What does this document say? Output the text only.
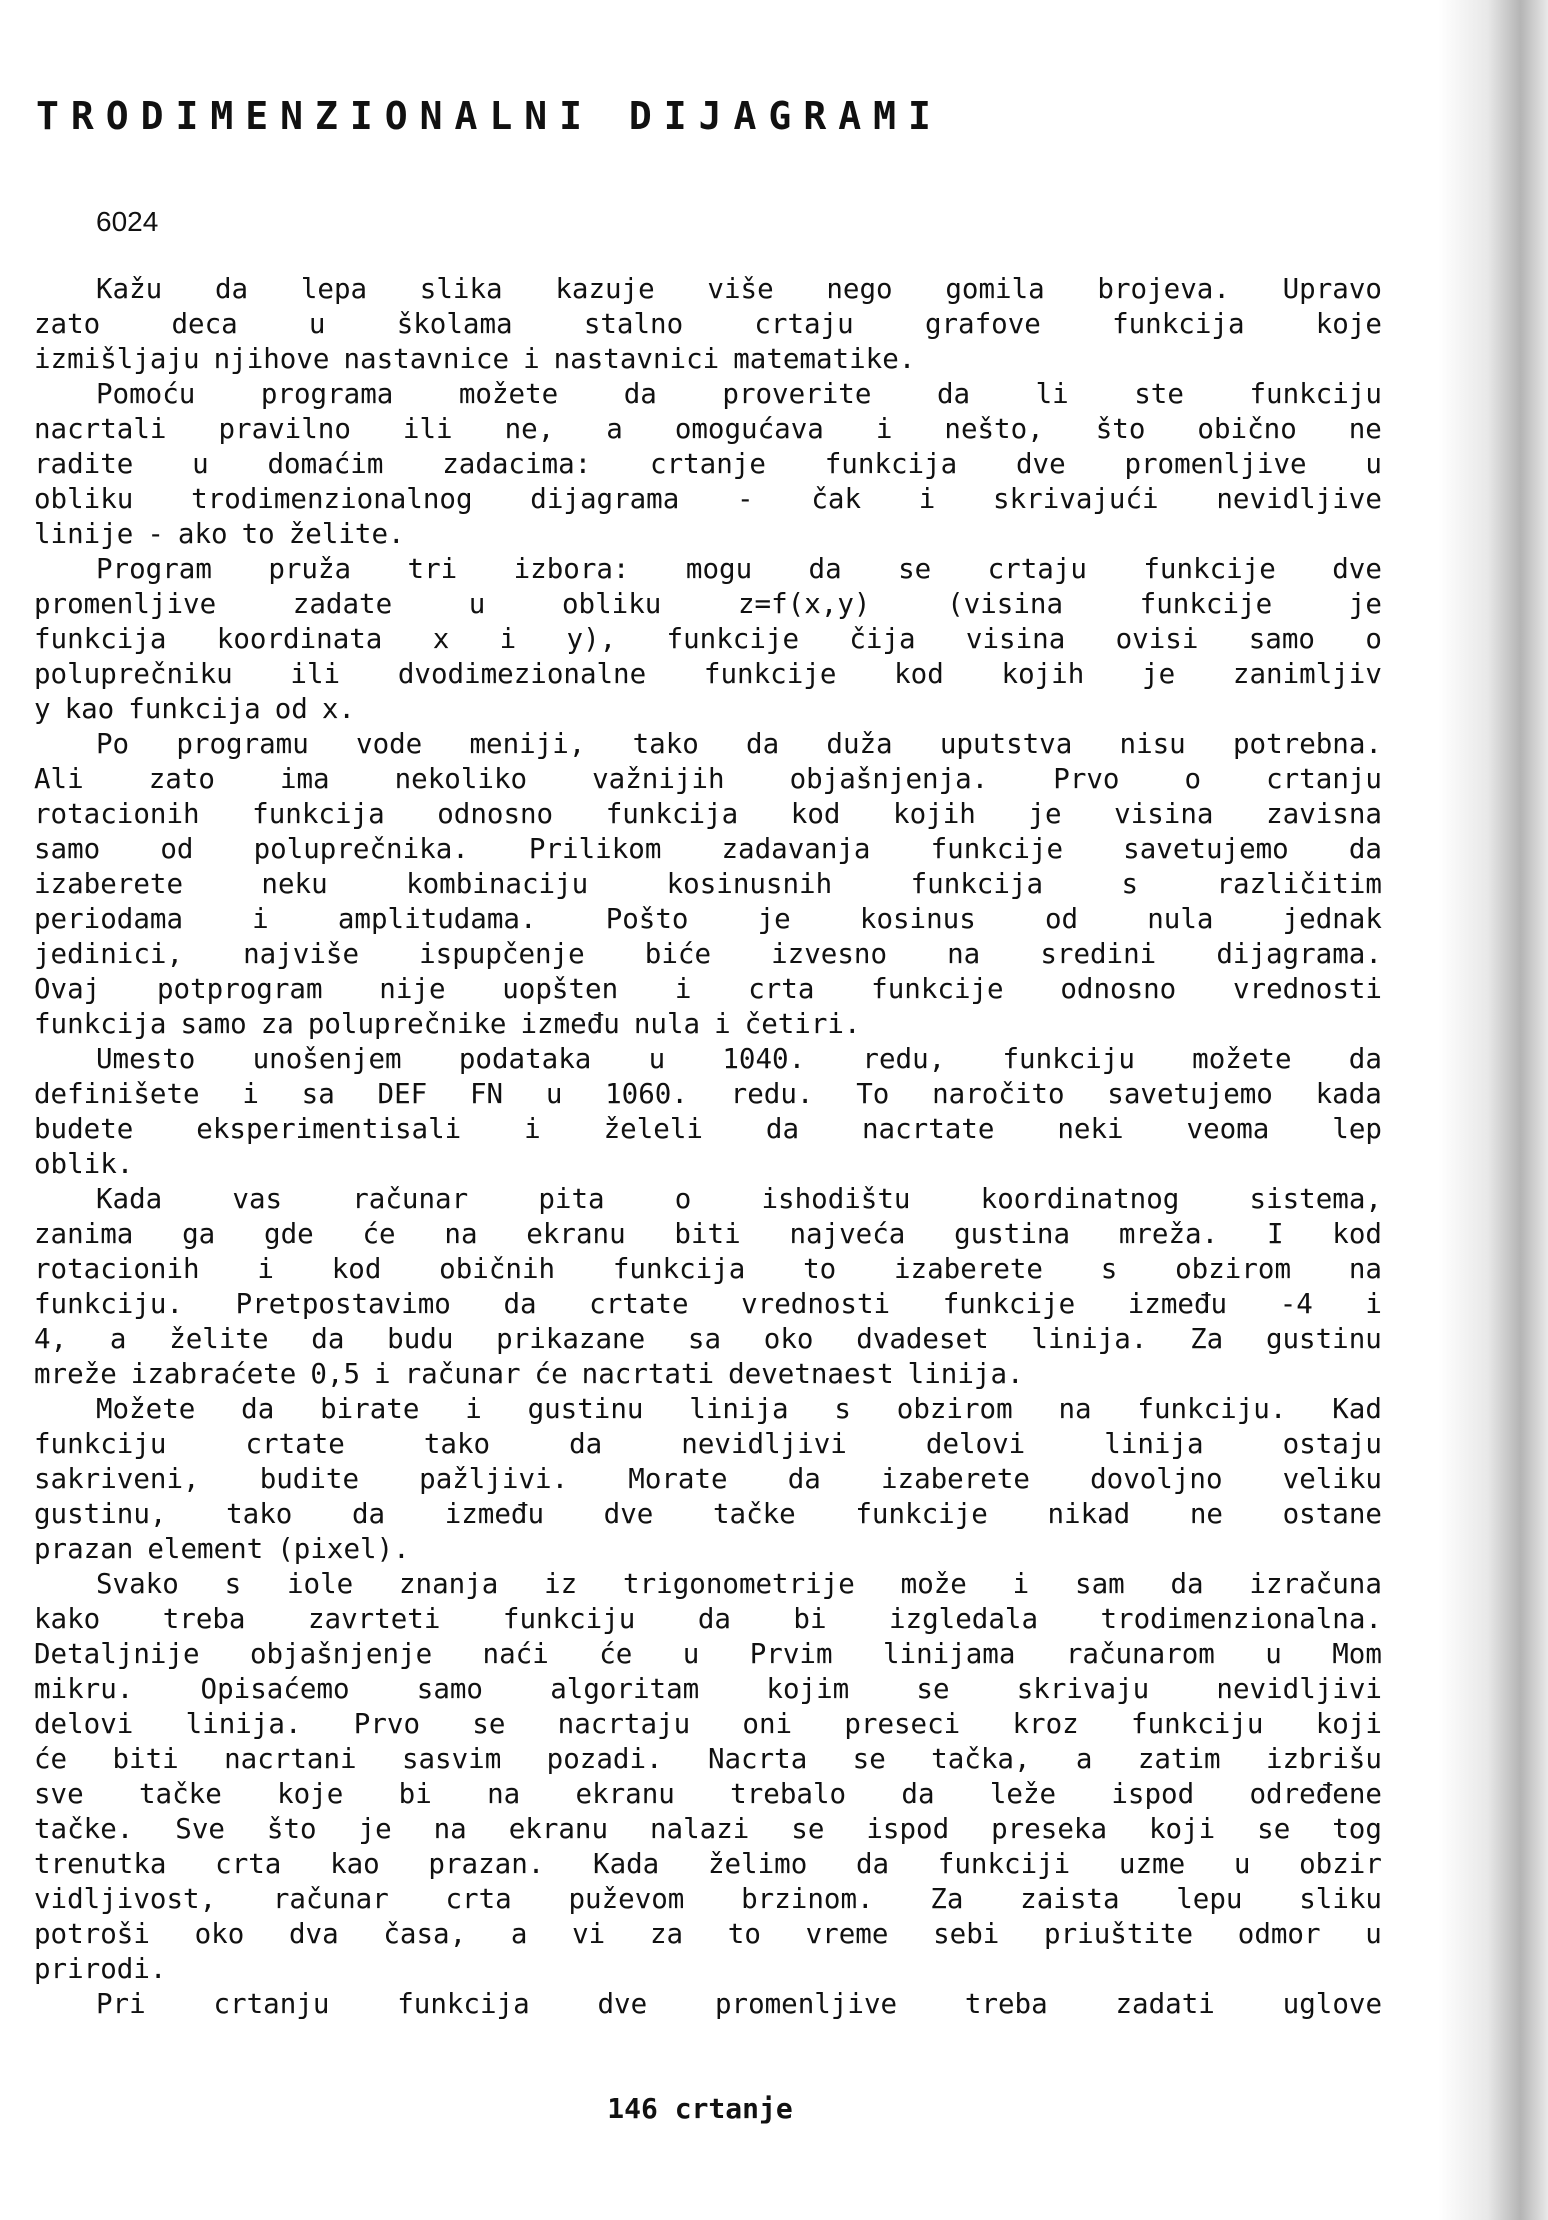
TRODIMENZIONALNI DIJAGRAMI
6024
Kažu da lepa slika kazuje više nego gomila brojeva. Upravo
zato	deca	u	školama	stalno	crtaju	grafove	funkcija	koje
izmišljaju njihove nastavnice i nastavnici matematike.
Pomoću programa možete da proverite da li ste funkciju
nacrtali pravilno ili ne, a omogućava i nešto, što obično ne
radite u domaćim zadacima: crtanje funkcija dve promenljive u
obliku trodimenzionalnog dijagrama - čak i skrivajući nevidljive
linije - ako to želite.
Program pruža tri izbora: mogu da se crtaju funkcije dve
promenljive	zadate	u	obliku	z=f(x,y)	(visina	funkcije	je
funkcija koordinata x i y), funkcije čija visina ovisi samo o
poluprečniku ili dvodimezionalne funkcije kod kojih je zanimljiv
y kao funkcija od x.
Po programu vode meniji, tako da duža uputstva nisu potrebna.
Ali zato ima nekoliko važnijih objašnjenja. Prvo o crtanju
rotacionih funkcija odnosno funkcija kod kojih je visina zavisna
samo od poluprečnika. Prilikom zadavanja funkcije savetujemo da
izaberete	neku	kombinaciju	kosinusnih	funkcija	s	različitim
periodama	i	amplitudama.	Pošto	je	kosinus	od	nula	jednak
jedinici, najviše ispupčenje biće izvesno na sredini dijagrama.
Ovaj potprogram nije uopšten i crta funkcije odnosno vrednosti
funkcija samo za poluprečnike između nula i četiri.
Umesto unošenjem podataka u 1040. redu, funkciju možete da
definišete i sa DEF FN u 1060. redu. To naročito savetujemo kada
budete eksperimentisali i želeli da nacrtate neki veoma lep
oblik.
Kada	vas	računar	pita	o	ishodištu	koordinatnog	sistema,
zanima ga gde će na ekranu biti najveća gustina mreža. I kod
rotacionih i kod običnih funkcija to izaberete s obzirom na
funkciju. Pretpostavimo da crtate vrednosti funkcije između -4 i
4, a želite da budu prikazane sa oko dvadeset linija. Za gustinu
mreže izabraćete 0,5 i računar će nacrtati devetnaest linija.
Možete da birate i gustinu linija s obzirom na funkciju. Kad
funkciju	crtate	tako	da	nevidljivi	delovi	linija	ostaju
sakriveni, budite pažljivi. Morate da izaberete dovoljno veliku
gustinu, tako da između dve tačke funkcije nikad ne ostane
prazan element (pixel).
Svako s iole znanja iz trigonometrije može i sam da izračuna
kako treba zavrteti funkciju da bi izgledala trodimenzionalna.
Detaljnije objašnjenje naći će u Prvim linijama računarom u Mom
mikru. Opisaćemo samo algoritam kojim se skrivaju nevidljivi
delovi linija. Prvo se nacrtaju oni preseci kroz funkciju koji
će biti nacrtani sasvim pozadi. Nacrta se tačka, a zatim izbrišu
sve tačke koje bi na ekranu trebalo da leže ispod određene
tačke. Sve što je na ekranu nalazi se ispod preseka koji se tog
trenutka crta kao prazan. Kada želimo da funkciji uzme u obzir
vidljivost, računar crta puževom brzinom. Za zaista lepu sliku
potroši oko dva časa, a vi za to vreme sebi priuštite odmor u
prirodi.
Pri crtanju funkcija dve promenljive treba zadati uglove
146 crtanje
